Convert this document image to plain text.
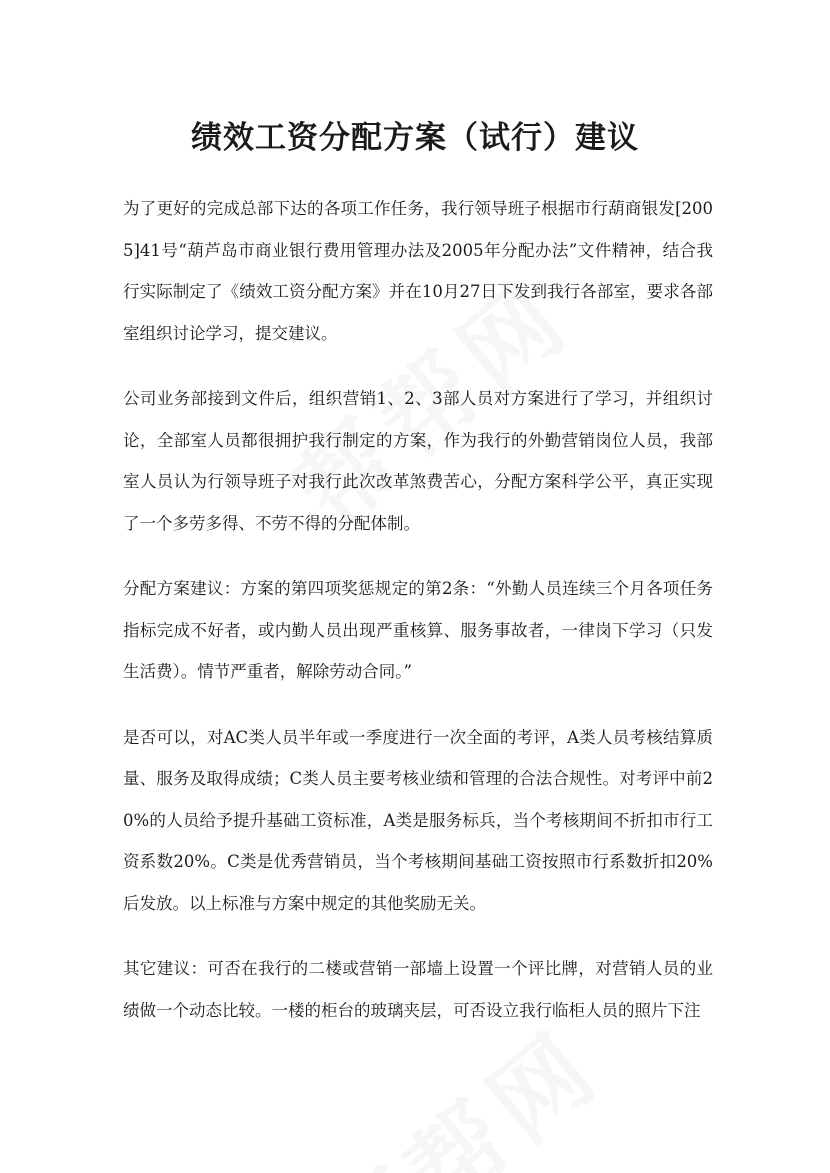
绩效工资分配方案（试行）建议

为了更好的完成总部下达的各项工作任务，我行领导班子根据市行葫商银发[2005]41号“葫芦岛市商业银行费用管理办法及2005年分配办法”文件精神，结合我行实际制定了《绩效工资分配方案》并在10月27日下发到我行各部室，要求各部室组织讨论学习，提交建议。

公司业务部接到文件后，组织营销1、2、3部人员对方案进行了学习，并组织讨论，全部室人员都很拥护我行制定的方案，作为我行的外勤营销岗位人员，我部室人员认为行领导班子对我行此次改革煞费苦心，分配方案科学公平，真正实现了一个多劳多得、不劳不得的分配体制。

分配方案建议：方案的第四项奖惩规定的第2条：“外勤人员连续三个月各项任务指标完成不好者，或内勤人员出现严重核算、服务事故者，一律岗下学习（只发生活费）。情节严重者，解除劳动合同。”

是否可以，对AC类人员半年或一季度进行一次全面的考评，A类人员考核结算质量、服务及取得成绩；C类人员主要考核业绩和管理的合法合规性。对考评中前20%的人员给予提升基础工资标准，A类是服务标兵，当个考核期间不折扣市行工资系数20%。C类是优秀营销员，当个考核期间基础工资按照市行系数折扣20%后发放。以上标准与方案中规定的其他奖励无关。

其它建议：可否在我行的二楼或营销一部墙上设置一个评比牌，对营销人员的业绩做一个动态比较。一楼的柜台的玻璃夹层，可否设立我行临柜人员的照片下注
